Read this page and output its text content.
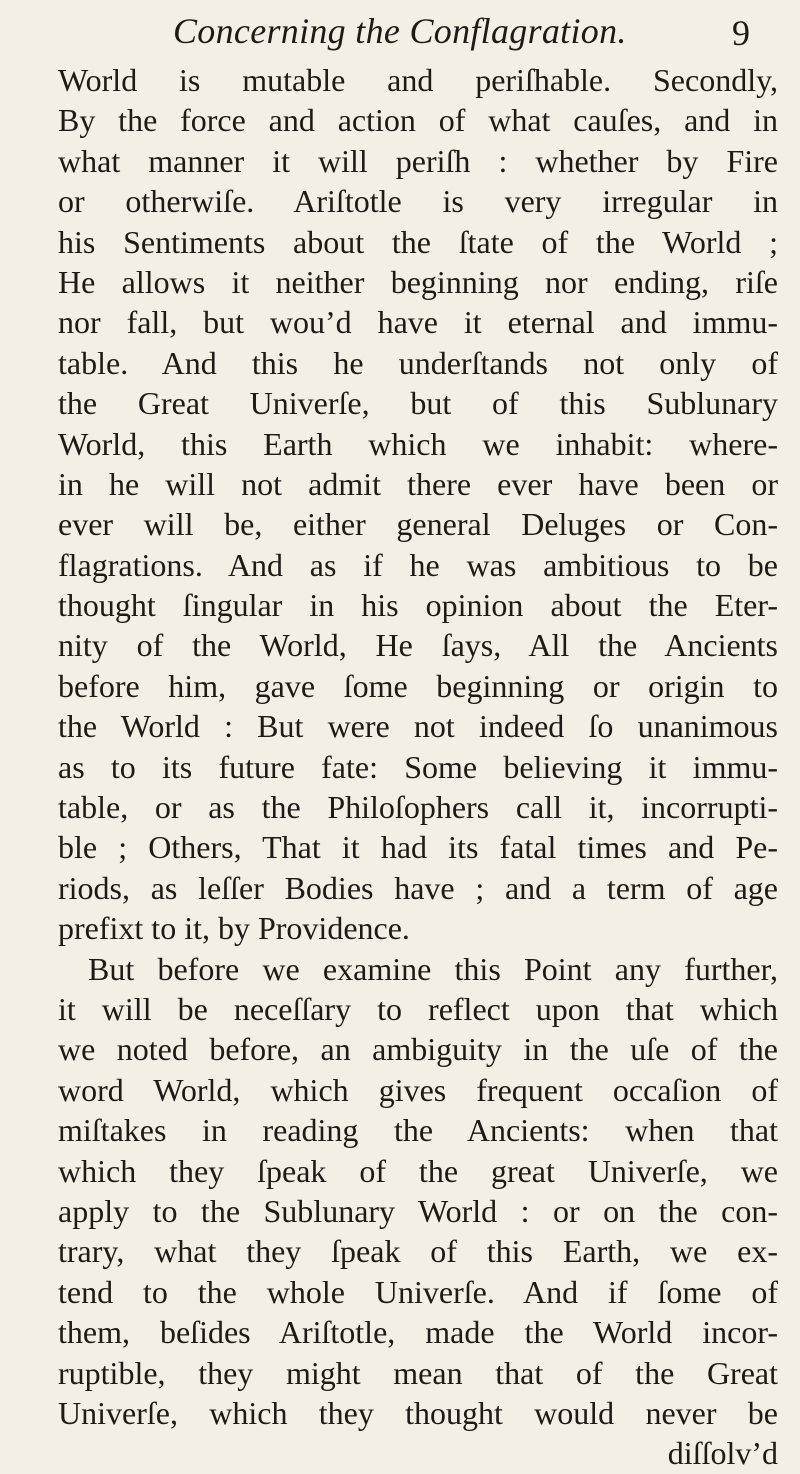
Concerning the Conflagration.	9
World is mutable and periſhable. Secondly,
By the force and action of what cauſes, and in
what manner it will periſh : whether by Fire
or otherwiſe. Ariſtotle is very irregular in
his Sentiments about the ſtate of the World ;
He allows it neither beginning nor ending, riſe
nor fall, but wou’d have it eternal and immu-
table. And this he underſtands not only of
the Great Univerſe, but of this Sublunary
World, this Earth which we inhabit: where-
in he will not admit there ever have been or
ever will be, either general Deluges or Con-
flagrations. And as if he was ambitious to be
thought ſingular in his opinion about the Eter-
nity of the World, He ſays, All the Ancients
before him, gave ſome beginning or origin to
the World : But were not indeed ſo unanimous
as to its future fate: Some believing it immu-
table, or as the Philoſophers call it, incorrupti-
ble ; Others, That it had its fatal times and Pe-
riods, as leſſer Bodies have ; and a term of age
prefixt to it, by Providence.
But before we examine this Point any further,
it will be neceſſary to reflect upon that which
we noted before, an ambiguity in the uſe of the
word World, which gives frequent occaſion of
miſtakes in reading the Ancients: when that
which they ſpeak of the great Univerſe, we
apply to the Sublunary World : or on the con-
trary, what they ſpeak of this Earth, we ex-
tend to the whole Univerſe. And if ſome of
them, beſides Ariſtotle, made the World incor-
ruptible, they might mean that of the Great
Univerſe, which they thought would never be
diſſolv’d
